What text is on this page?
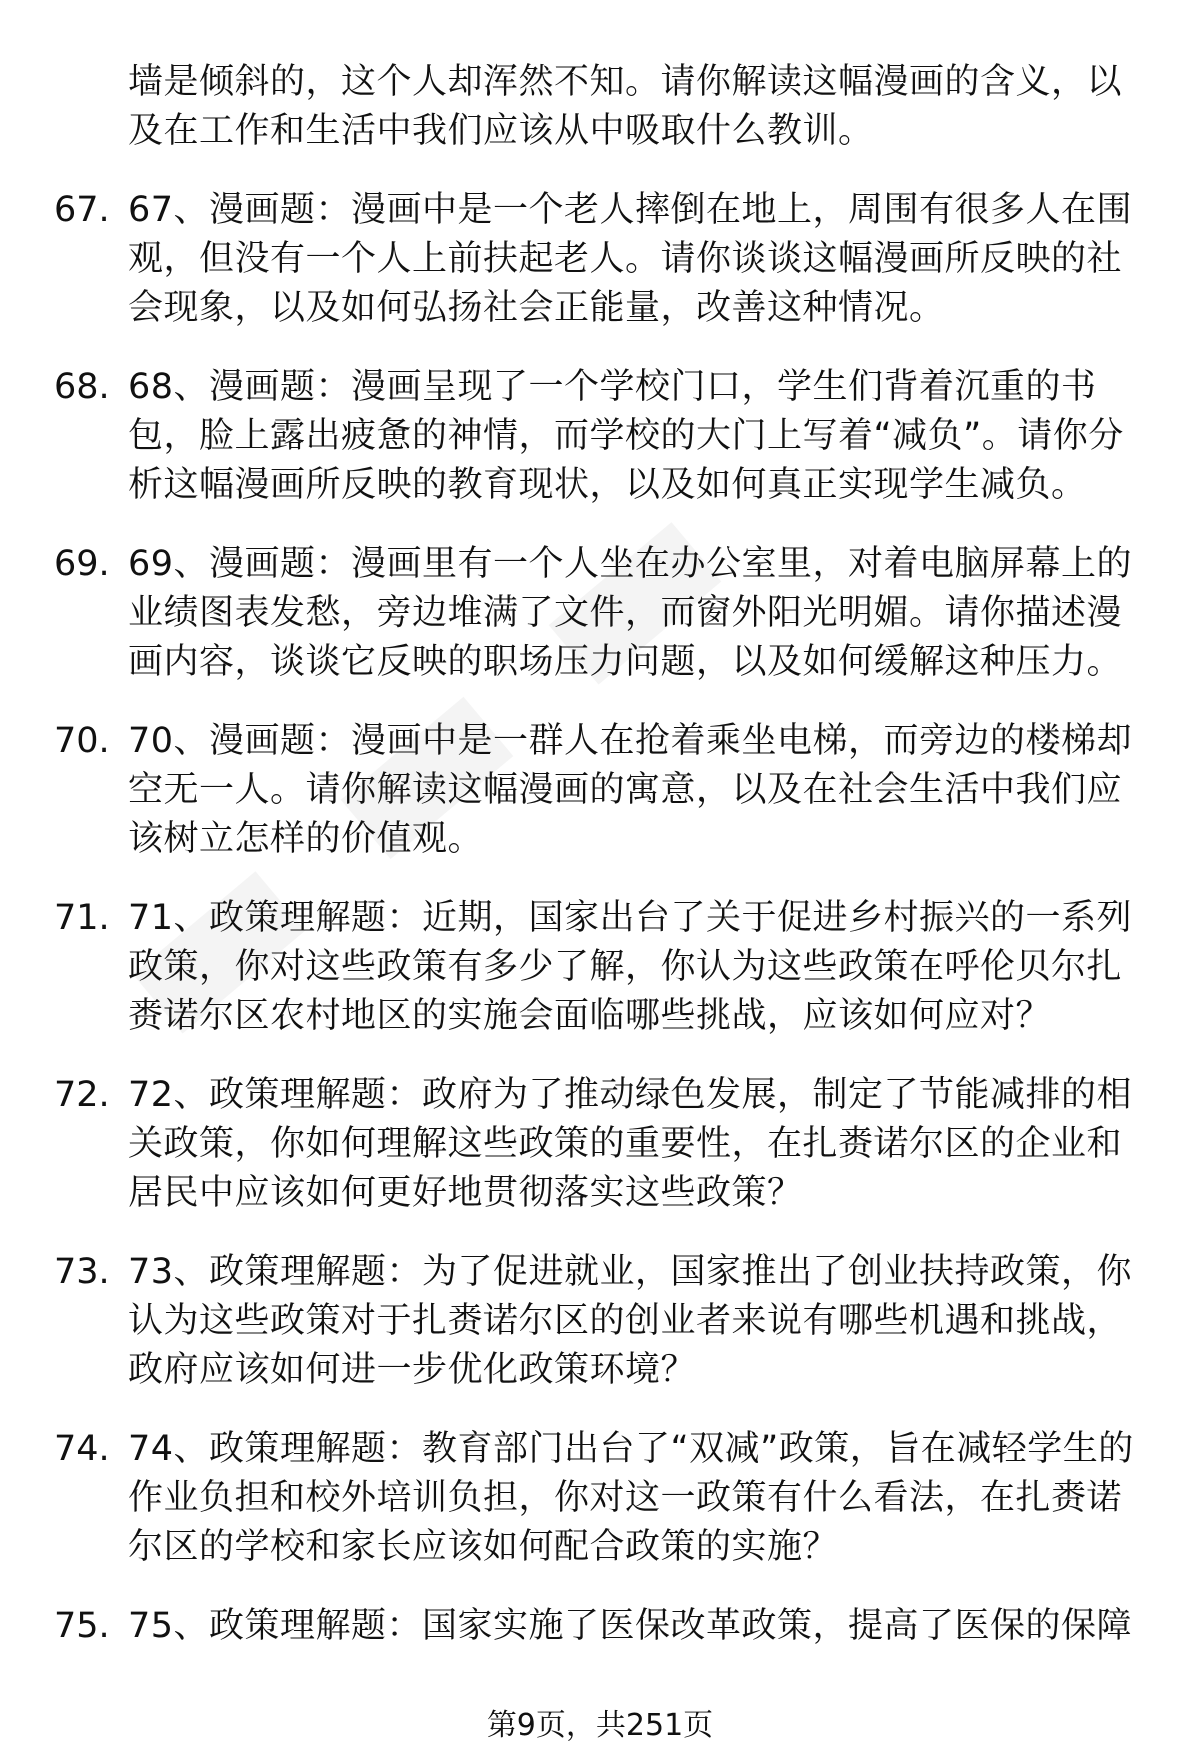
墙是倾斜的，这个人却浑然不知。请你解读这幅漫画的含义，以及在工作和生活中我们应该从中吸取什么教训。
67. 67、漫画题：漫画中是一个老人摔倒在地上，周围有很多人在围观，但没有一个人上前扶起老人。请你谈谈这幅漫画所反映的社会现象，以及如何弘扬社会正能量，改善这种情况。
68. 68、漫画题：漫画呈现了一个学校门口，学生们背着沉重的书包，脸上露出疲惫的神情，而学校的大门上写着“减负”。请你分析这幅漫画所反映的教育现状，以及如何真正实现学生减负。
69. 69、漫画题：漫画里有一个人坐在办公室里，对着电脑屏幕上的业绩图表发愁，旁边堆满了文件，而窗外阳光明媚。请你描述漫画内容，谈谈它反映的职场压力问题，以及如何缓解这种压力。
70. 70、漫画题：漫画中是一群人在抢着乘坐电梯，而旁边的楼梯却空无一人。请你解读这幅漫画的寓意，以及在社会生活中我们应该树立怎样的价值观。
71. 71、政策理解题：近期，国家出台了关于促进乡村振兴的一系列政策，你对这些政策有多少了解，你认为这些政策在呼伦贝尔扎赉诺尔区农村地区的实施会面临哪些挑战，应该如何应对？
72. 72、政策理解题：政府为了推动绿色发展，制定了节能减排的相关政策，你如何理解这些政策的重要性，在扎赉诺尔区的企业和居民中应该如何更好地贯彻落实这些政策？
73. 73、政策理解题：为了促进就业，国家推出了创业扶持政策，你认为这些政策对于扎赉诺尔区的创业者来说有哪些机遇和挑战，政府应该如何进一步优化政策环境？
74. 74、政策理解题：教育部门出台了“双减”政策，旨在减轻学生的作业负担和校外培训负担，你对这一政策有什么看法，在扎赉诺尔区的学校和家长应该如何配合政策的实施？
75. 75、政策理解题：国家实施了医保改革政策，提高了医保的保障
第9页，共251页
